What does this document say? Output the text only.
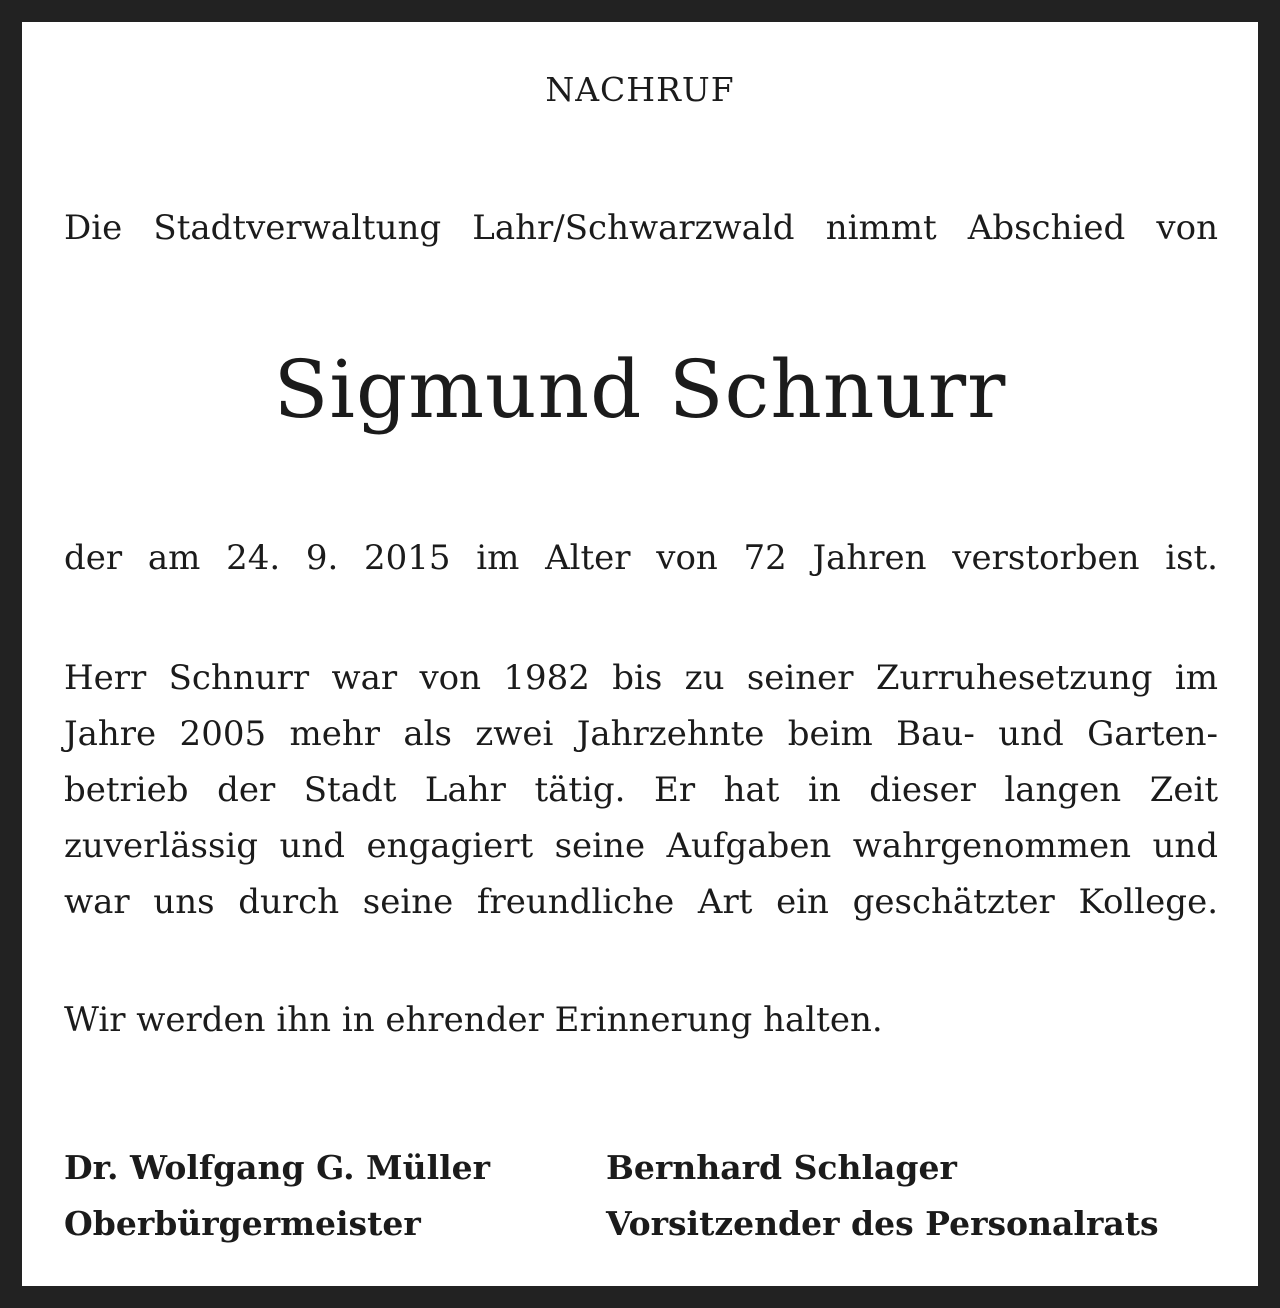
NACHRUF
Die Stadtverwaltung Lahr/Schwarzwald nimmt Abschied von
Sigmund Schnurr
der am 24. 9. 2015 im Alter von 72 Jahren verstorben ist.
Herr Schnurr war von 1982 bis zu seiner Zurruhesetzung im
Jahre 2005 mehr als zwei Jahrzehnte beim Bau- und Garten-
betrieb der Stadt Lahr tätig. Er hat in dieser langen Zeit
zuverlässig und engagiert seine Aufgaben wahrgenommen und
war uns durch seine freundliche Art ein geschätzter Kollege.
Wir werden ihn in ehrender Erinnerung halten.
Dr. Wolfgang G. Müller
Oberbürgermeister
Bernhard Schlager
Vorsitzender des Personalrats
